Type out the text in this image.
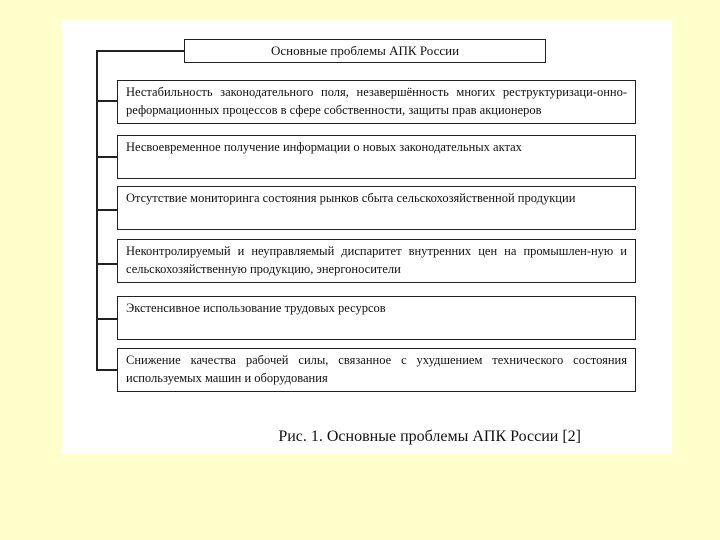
Основные проблемы АПК России
Нестабильность законодательного поля, незавершённость многих реструктуризаци-онно-реформационных процессов в сфере собственности, защиты прав акционеров
Несвоевременное получение информации о новых законодательных актах
Отсутствие мониторинга состояния рынков сбыта сельскохозяйственной продукции
Неконтролируемый и неуправляемый диспаритет внутренних цен на промышлен-ную и сельскохозяйственную продукцию, энергоносители
Экстенсивное использование трудовых ресурсов
Снижение качества рабочей силы, связанное с ухудшением технического состояния используемых машин и оборудования
Рис. 1. Основные проблемы АПК России [2]
